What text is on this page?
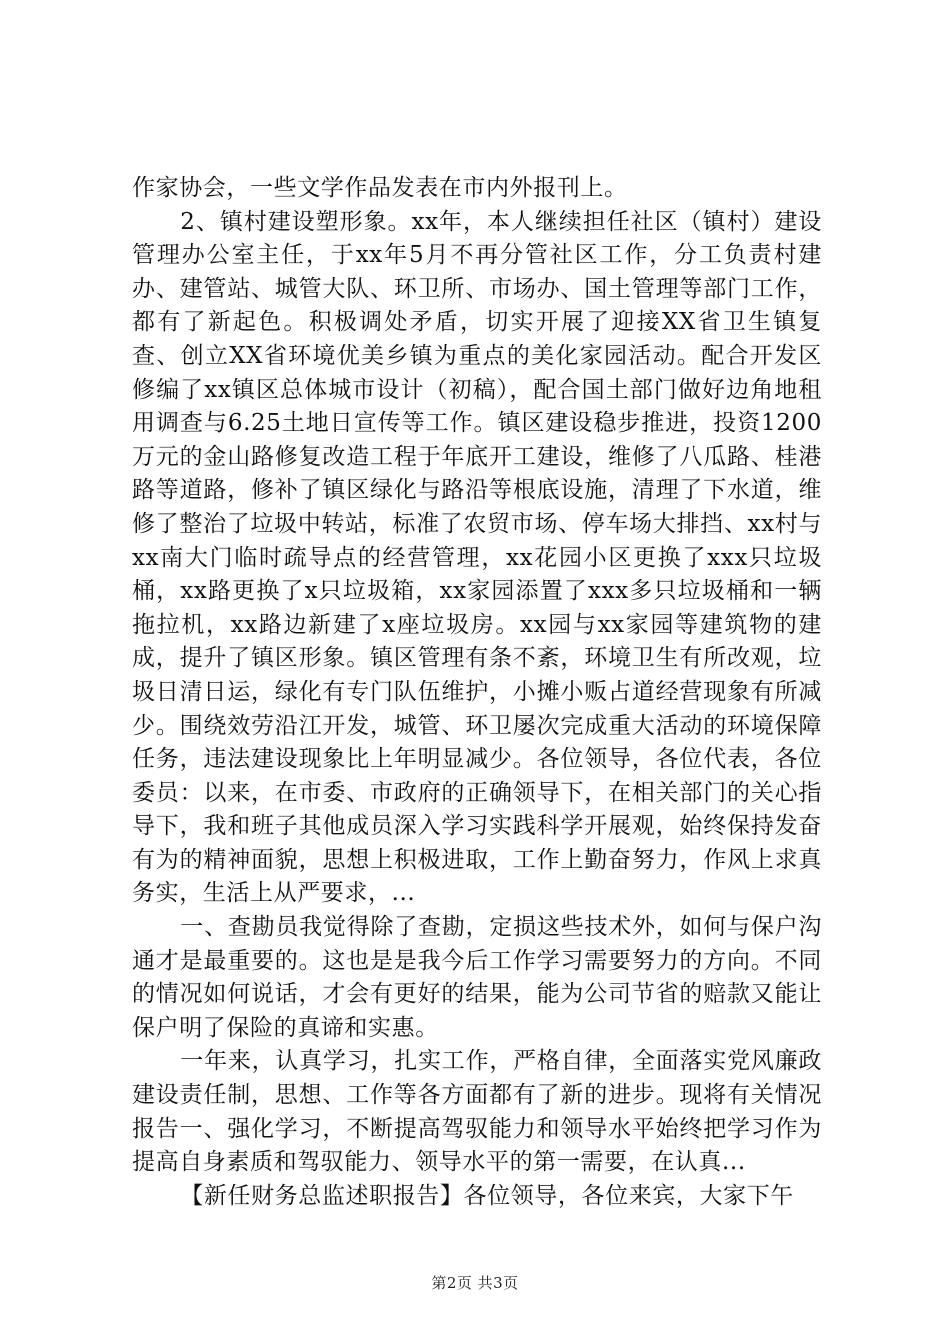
作家协会，一些文学作品发表在市内外报刊上。

2、镇村建设塑形象。xx年，本人继续担任社区（镇村）建设管理办公室主任，于xx年5月不再分管社区工作，分工负责村建办、建管站、城管大队、环卫所、市场办、国土管理等部门工作，都有了新起色。积极调处矛盾，切实开展了迎接XX省卫生镇复查、创立XX省环境优美乡镇为重点的美化家园活动。配合开发区修编了xx镇区总体城市设计（初稿），配合国土部门做好边角地租用调查与6.25土地日宣传等工作。镇区建设稳步推进，投资1200万元的金山路修复改造工程于年底开工建设，维修了八瓜路、桂港路等道路，修补了镇区绿化与路沿等根底设施，清理了下水道，维修了整治了垃圾中转站，标准了农贸市场、停车场大排挡、xx村与xx南大门临时疏导点的经营管理，xx花园小区更换了xxx只垃圾桶，xx路更换了x只垃圾箱，xx家园添置了xxx多只垃圾桶和一辆拖拉机，xx路边新建了x座垃圾房。xx园与xx家园等建筑物的建成，提升了镇区形象。镇区管理有条不紊，环境卫生有所改观，垃圾日清日运，绿化有专门队伍维护，小摊小贩占道经营现象有所减少。围绕效劳沿江开发，城管、环卫屡次完成重大活动的环境保障任务，违法建设现象比上年明显减少。各位领导，各位代表，各位委员：以来，在市委、市政府的正确领导下，在相关部门的关心指导下，我和班子其他成员深入学习实践科学开展观，始终保持发奋有为的精神面貌，思想上积极进取，工作上勤奋努力，作风上求真务实，生活上从严要求，...

一、查勘员我觉得除了查勘，定损这些技术外，如何与保户沟通才是最重要的。这也是是我今后工作学习需要努力的方向。不同的情况如何说话，才会有更好的结果，能为公司节省的赔款又能让保户明了保险的真谛和实惠。

一年来，认真学习，扎实工作，严格自律，全面落实党风廉政建设责任制，思想、工作等各方面都有了新的进步。现将有关情况报告一、强化学习，不断提高驾驭能力和领导水平始终把学习作为提高自身素质和驾驭能力、领导水平的第一需要，在认真...

【新任财务总监述职报告】各位领导，各位来宾，大家下午

第2页 共3页
